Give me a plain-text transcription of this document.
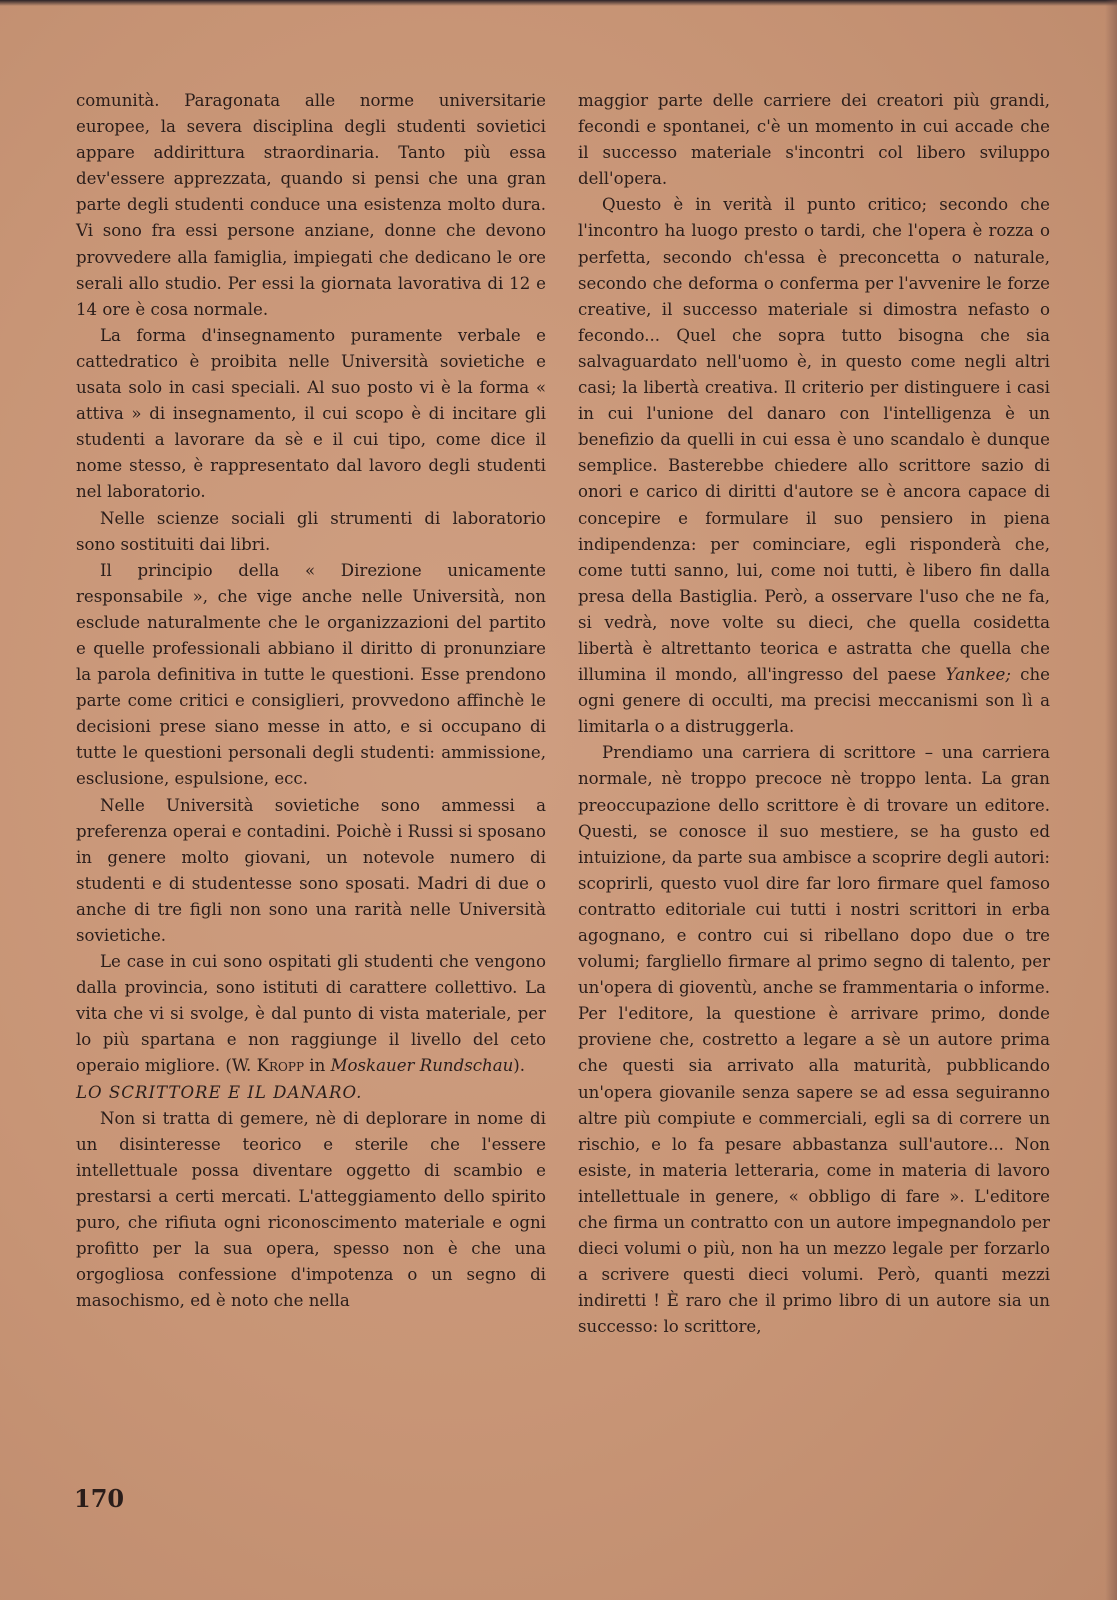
comunità. Paragonata alle norme universitarie europee, la severa disciplina degli studenti sovietici appare addirittura straordinaria. Tanto più essa dev'essere apprezzata, quando si pensi che una gran parte degli studenti conduce una esistenza molto dura. Vi sono fra essi persone anziane, donne che devono provvedere alla famiglia, impiegati che dedicano le ore serali allo studio. Per essi la giornata lavorativa di 12 e 14 ore è cosa normale.

La forma d'insegnamento puramente verbale e cattedratico è proibita nelle Università sovietiche e usata solo in casi speciali. Al suo posto vi è la forma « attiva » di insegnamento, il cui scopo è di incitare gli studenti a lavorare da sè e il cui tipo, come dice il nome stesso, è rappresentato dal lavoro degli studenti nel laboratorio.

Nelle scienze sociali gli strumenti di laboratorio sono sostituiti dai libri.

Il principio della « Direzione unicamente responsabile », che vige anche nelle Università, non esclude naturalmente che le organizzazioni del partito e quelle professionali abbiano il diritto di pronunziare la parola definitiva in tutte le questioni. Esse prendono parte come critici e consiglieri, provvedono affinchè le decisioni prese siano messe in atto, e si occupano di tutte le questioni personali degli studenti: ammissione, esclusione, espulsione, ecc.

Nelle Università sovietiche sono ammessi a preferenza operai e contadini. Poichè i Russi si sposano in genere molto giovani, un notevole numero di studenti e di studentesse sono sposati. Madri di due o anche di tre figli non sono una rarità nelle Università sovietiche.

Le case in cui sono ospitati gli studenti che vengono dalla provincia, sono istituti di carattere collettivo. La vita che vi si svolge, è dal punto di vista materiale, per lo più spartana e non raggiunge il livello del ceto operaio migliore. (W. Kropp in Moskauer Rundschau).

LO SCRITTORE E IL DANARO.

Non si tratta di gemere, nè di deplorare in nome di un disinteresse teorico e sterile che l'essere intellettuale possa diventare oggetto di scambio e prestarsi a certi mercati. L'atteggiamento dello spirito puro, che rifiuta ogni riconoscimento materiale e ogni profitto per la sua opera, spesso non è che una orgogliosa confessione d'impotenza o un segno di masochismo, ed è noto che nella

maggior parte delle carriere dei creatori più grandi, fecondi e spontanei, c'è un momento in cui accade che il successo materiale s'incontri col libero sviluppo dell'opera.

Questo è in verità il punto critico; secondo che l'incontro ha luogo presto o tardi, che l'opera è rozza o perfetta, secondo ch'essa è preconcetta o naturale, secondo che deforma o conferma per l'avvenire le forze creative, il successo materiale si dimostra nefasto o fecondo... Quel che sopra tutto bisogna che sia salvaguardato nell'uomo è, in questo come negli altri casi; la libertà creativa. Il criterio per distinguere i casi in cui l'unione del danaro con l'intelligenza è un benefizio da quelli in cui essa è uno scandalo è dunque semplice. Basterebbe chiedere allo scrittore sazio di onori e carico di diritti d'autore se è ancora capace di concepire e formulare il suo pensiero in piena indipendenza: per cominciare, egli risponderà che, come tutti sanno, lui, come noi tutti, è libero fin dalla presa della Bastiglia. Però, a osservare l'uso che ne fa, si vedrà, nove volte su dieci, che quella cosidetta libertà è altrettanto teorica e astratta che quella che illumina il mondo, all'ingresso del paese Yankee; che ogni genere di occulti, ma precisi meccanismi son lì a limitarla o a distruggerla.

Prendiamo una carriera di scrittore – una carriera normale, nè troppo precoce nè troppo lenta. La gran preoccupazione dello scrittore è di trovare un editore. Questi, se conosce il suo mestiere, se ha gusto ed intuizione, da parte sua ambisce a scoprire degli autori: scoprirli, questo vuol dire far loro firmare quel famoso contratto editoriale cui tutti i nostri scrittori in erba agognano, e contro cui si ribellano dopo due o tre volumi; fargliello firmare al primo segno di talento, per un'opera di gioventù, anche se frammentaria o informe. Per l'editore, la questione è arrivare primo, donde proviene che, costretto a legare a sè un autore prima che questi sia arrivato alla maturità, pubblicando un'opera giovanile senza sapere se ad essa seguiranno altre più compiute e commerciali, egli sa di correre un rischio, e lo fa pesare abbastanza sull'autore... Non esiste, in materia letteraria, come in materia di lavoro intellettuale in genere, « obbligo di fare ». L'editore che firma un contratto con un autore impegnandolo per dieci volumi o più, non ha un mezzo legale per forzarlo a scrivere questi dieci volumi. Però, quanti mezzi indiretti ! È raro che il primo libro di un autore sia un successo: lo scrittore,

170
